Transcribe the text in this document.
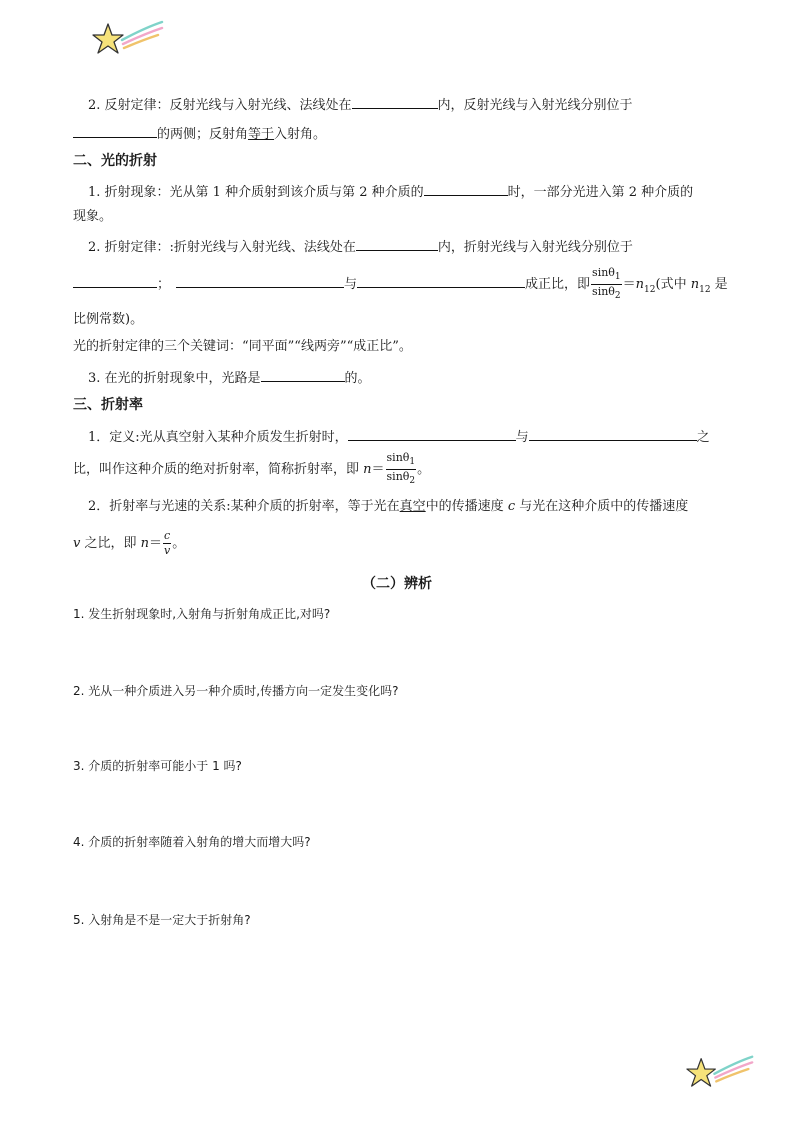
2. 反射定律：反射光线与入射光线、法线处在	内，反射光线与入射光线分别位于
的两侧；反射角等于入射角。
二、光的折射
1. 折射现象：光从第 1 种介质射到该介质与第 2 种介质的	时，一部分光进入第 2 种介质的
现象。
2. 折射定律：:折射光线与入射光线、法线处在	内，折射光线与入射光线分别位于
；	与	成正比，即 $\frac{\sin\theta_1}{\sin\theta_2} =n_{12}$(式中 $n_{12}$ 是
比例常数)。
光的折射定律的三个关键词：“同平面”“线两旁”“成正比”。
3. 在光的折射现象中，光路是	的。
三、折射率
1．定义:光从真空射入某种介质发生折射时，	与	之
比，叫作这种介质的绝对折射率，简称折射率，即 $n= \frac{\sin\theta_1}{\sin\theta_2}$ 。
2．折射率与光速的关系:某种介质的折射率，等于光在真空中的传播速度 c 与光在这种介质中的传播速度
v 之比，即 $n= \frac{c}{v}$ 。
（二）辨析
1. 发生折射现象时,入射角与折射角成正比,对吗?
2. 光从一种介质进入另一种介质时,传播方向一定发生变化吗?
3. 介质的折射率可能小于 1 吗?
4. 介质的折射率随着入射角的增大而增大吗?
5. 入射角是不是一定大于折射角?
